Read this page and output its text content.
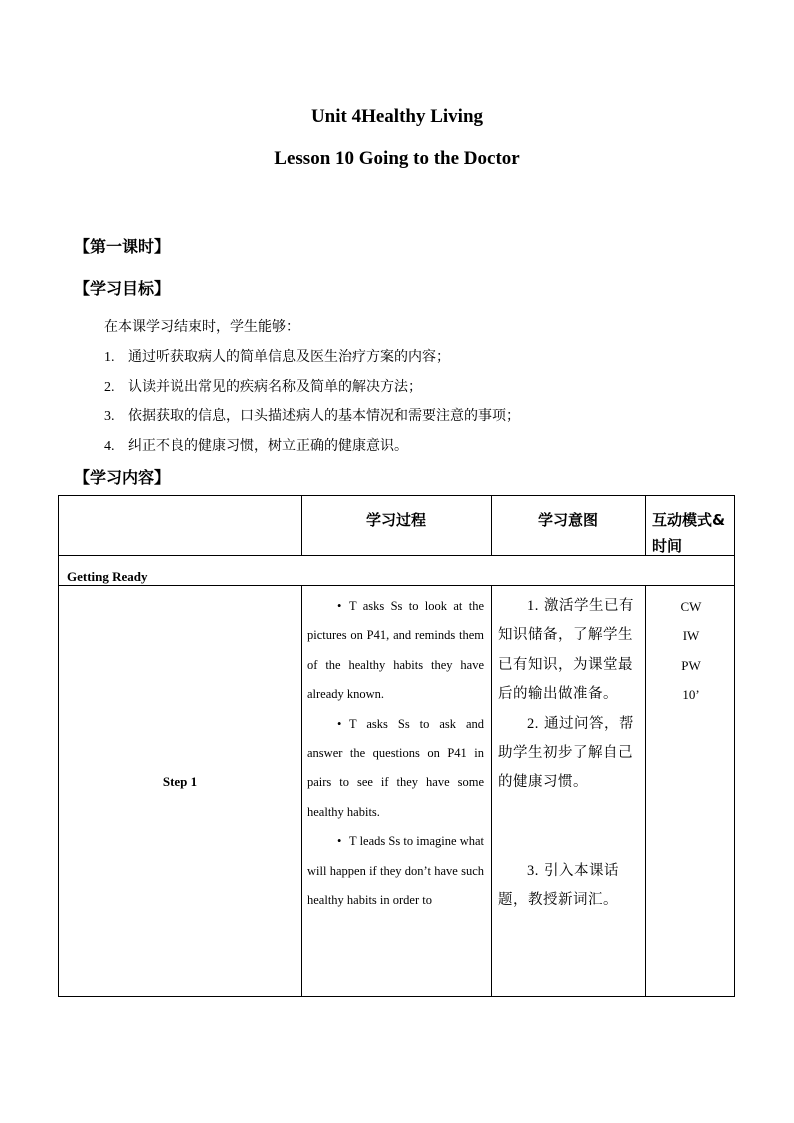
Unit 4Healthy Living
Lesson 10 Going to the Doctor
【第一课时】
【学习目标】
在本课学习结束时，学生能够：
1. 通过听获取病人的简单信息及医生治疗方案的内容；
2. 认读并说出常见的疾病名称及简单的解决方法；
3. 依据获取的信息，口头描述病人的基本情况和需要注意的事项；
4. 纠正不良的健康习惯，树立正确的健康意识。
【学习内容】
学习过程	学习意图	互动模式&
时间
Getting Ready
Step 1

• T asks Ss to look at the pictures on P41, and reminds them of the healthy habits they have already known.

• T asks Ss to ask and answer the questions on P41 in pairs to see if they have some healthy habits.

• T leads Ss to imagine what will happen if they don’t have such healthy habits in order to

1. 激活学生已有知识储备，了解学生已有知识，为课堂最后的输出做准备。

2. 通过问答，帮助学生初步了解自己的健康习惯。

3. 引入本课话题，教授新词汇。

CW
IW
PW
10’
